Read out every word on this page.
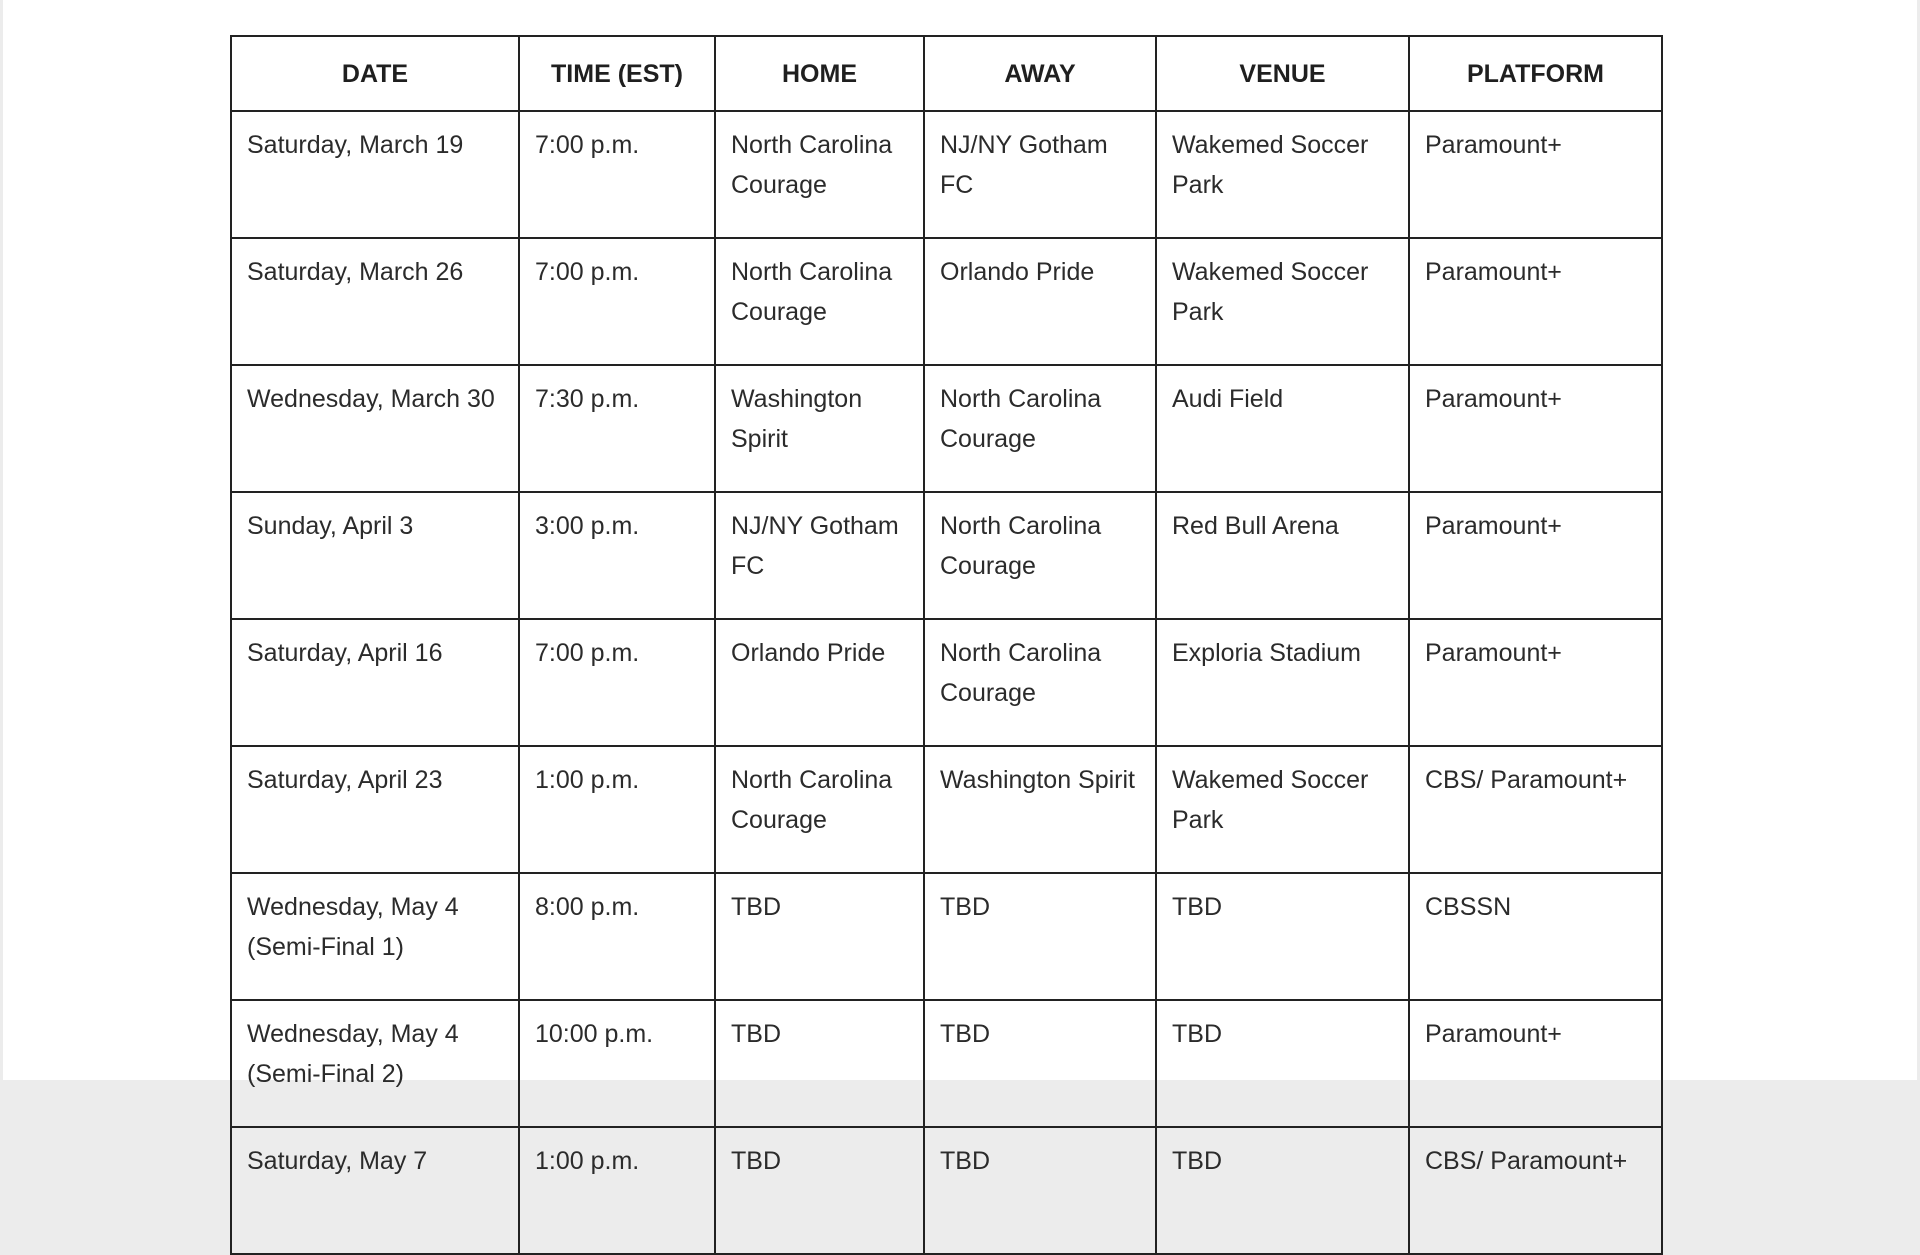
DATE	TIME (EST)	HOME	AWAY	VENUE	PLATFORM

Saturday, March 19	7:00 p.m.	North Carolina Courage	NJ/NY Gotham FC	Wakemed Soccer Park	Paramount+

Saturday, March 26	7:00 p.m.	North Carolina Courage	Orlando Pride	Wakemed Soccer Park	Paramount+

Wednesday, March 30	7:30 p.m.	Washington Spirit	North Carolina Courage	Audi Field	Paramount+

Sunday, April 3	3:00 p.m.	NJ/NY Gotham FC	North Carolina Courage	Red Bull Arena	Paramount+

Saturday, April 16	7:00 p.m.	Orlando Pride	North Carolina Courage	Exploria Stadium	Paramount+

Saturday, April 23	1:00 p.m.	North Carolina Courage	Washington Spirit	Wakemed Soccer Park	CBS/ Paramount+

Wednesday, May 4
(Semi-Final 1)	8:00 p.m.	TBD	TBD	TBD	CBSSN

Wednesday, May 4
(Semi-Final 2)	10:00 p.m.	TBD	TBD	TBD	Paramount+

Saturday, May 7	1:00 p.m.	TBD	TBD	TBD	CBS/ Paramount+
